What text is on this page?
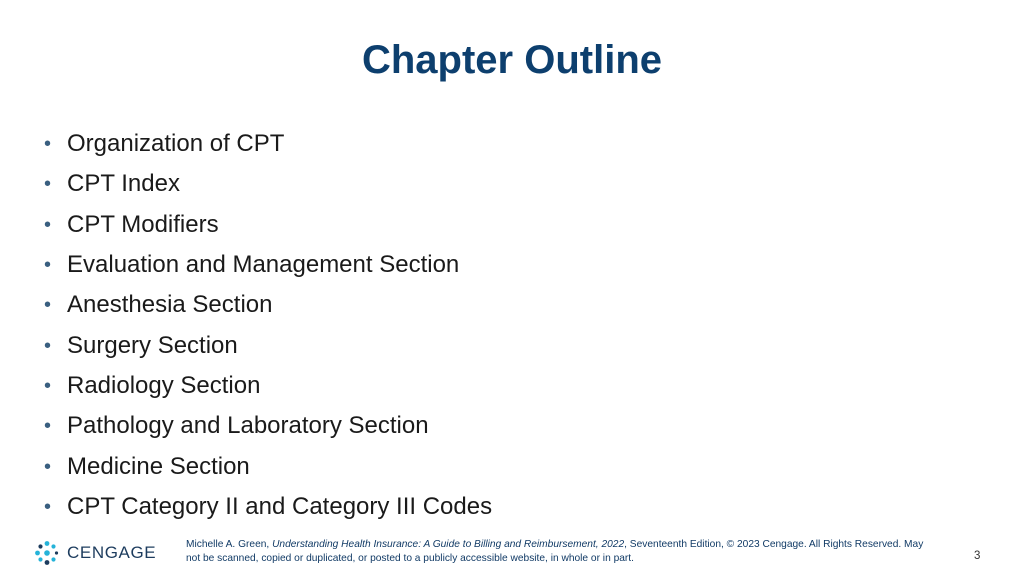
Chapter Outline
• Organization of CPT
• CPT Index
• CPT Modifiers
• Evaluation and Management Section
• Anesthesia Section
• Surgery Section
• Radiology Section
• Pathology and Laboratory Section
• Medicine Section
• CPT Category II and Category III Codes
CENGAGE	Michelle A. Green, Understanding Health Insurance: A Guide to Billing and Reimbursement, 2022, Seventeenth Edition, © 2023 Cengage. All Rights Reserved. May not be scanned, copied or duplicated, or posted to a publicly accessible website, in whole or in part.	3
